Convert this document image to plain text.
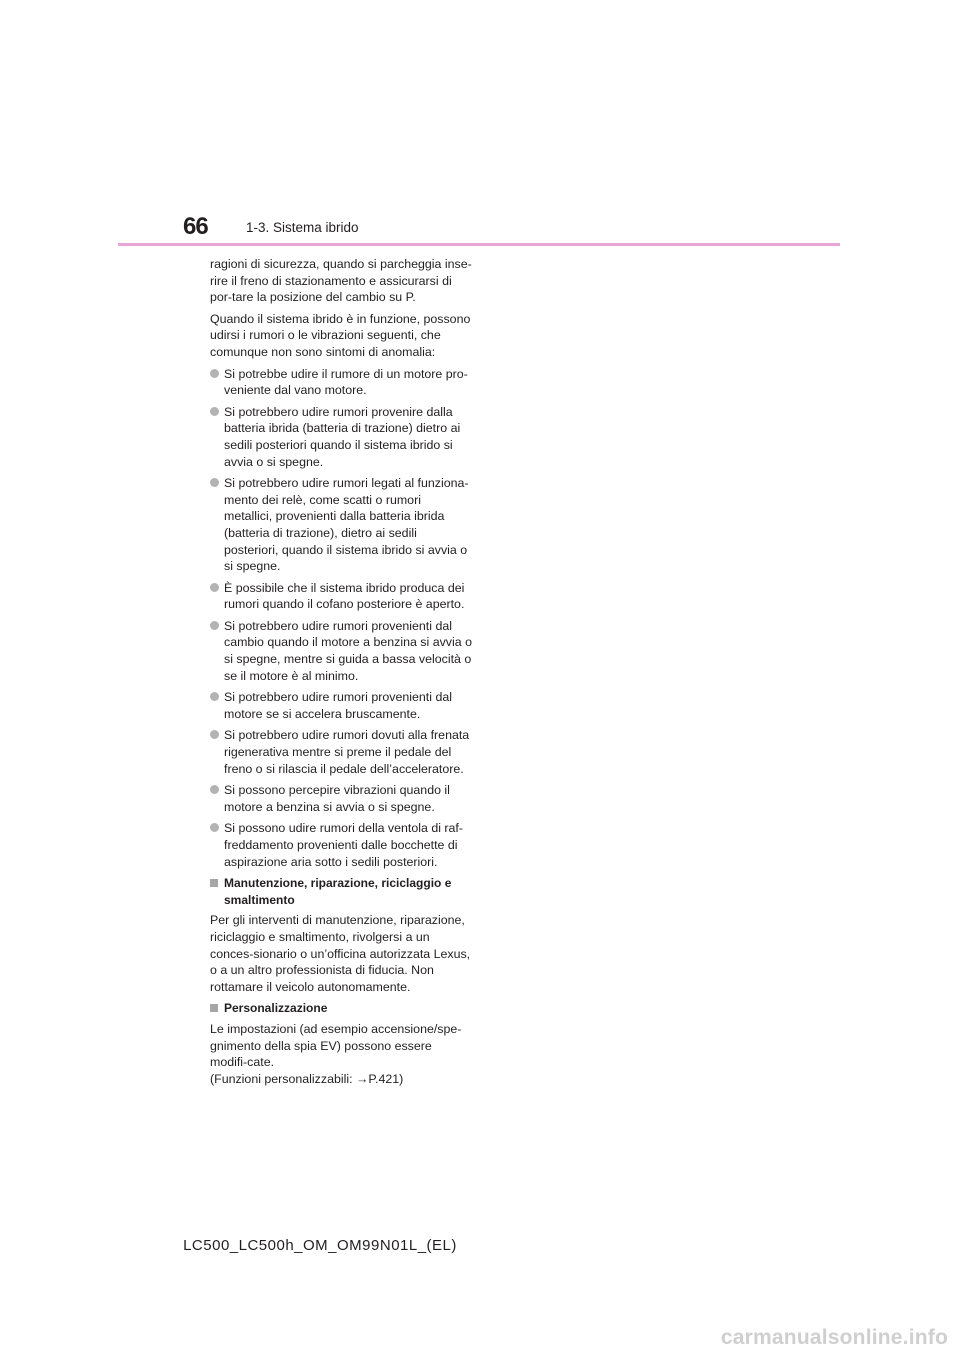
66	1-3. Sistema ibrido

ragioni di sicurezza, quando si parcheggia inse-rire il freno di stazionamento e assicurarsi di por-tare la posizione del cambio su P.

Quando il sistema ibrido è in funzione, possono udirsi i rumori o le vibrazioni seguenti, che comunque non sono sintomi di anomalia:

Si potrebbe udire il rumore di un motore pro-veniente dal vano motore.
Si potrebbero udire rumori provenire dalla batteria ibrida (batteria di trazione) dietro ai sedili posteriori quando il sistema ibrido si avvia o si spegne.
Si potrebbero udire rumori legati al funziona-mento dei relè, come scatti o rumori metallici, provenienti dalla batteria ibrida (batteria di trazione), dietro ai sedili posteriori, quando il sistema ibrido si avvia o si spegne.
È possibile che il sistema ibrido produca dei rumori quando il cofano posteriore è aperto.
Si potrebbero udire rumori provenienti dal cambio quando il motore a benzina si avvia o si spegne, mentre si guida a bassa velocità o se il motore è al minimo.
Si potrebbero udire rumori provenienti dal motore se si accelera bruscamente.
Si potrebbero udire rumori dovuti alla frenata rigenerativa mentre si preme il pedale del freno o si rilascia il pedale dell’acceleratore.
Si possono percepire vibrazioni quando il motore a benzina si avvia o si spegne.
Si possono udire rumori della ventola di raf-freddamento provenienti dalle bocchette di aspirazione aria sotto i sedili posteriori.
Manutenzione, riparazione, riciclaggio e smaltimento

Per gli interventi di manutenzione, riparazione, riciclaggio e smaltimento, rivolgersi a un conces-sionario o un’officina autorizzata Lexus, o a un altro professionista di fiducia. Non rottamare il veicolo autonomamente.

Personalizzazione

Le impostazioni (ad esempio accensione/spe-gnimento della spia EV) possono essere modifi-cate.

(Funzioni personalizzabili: →P.421)

LC500_LC500h_OM_OM99N01L_(EL)
carmanualsonline.info
